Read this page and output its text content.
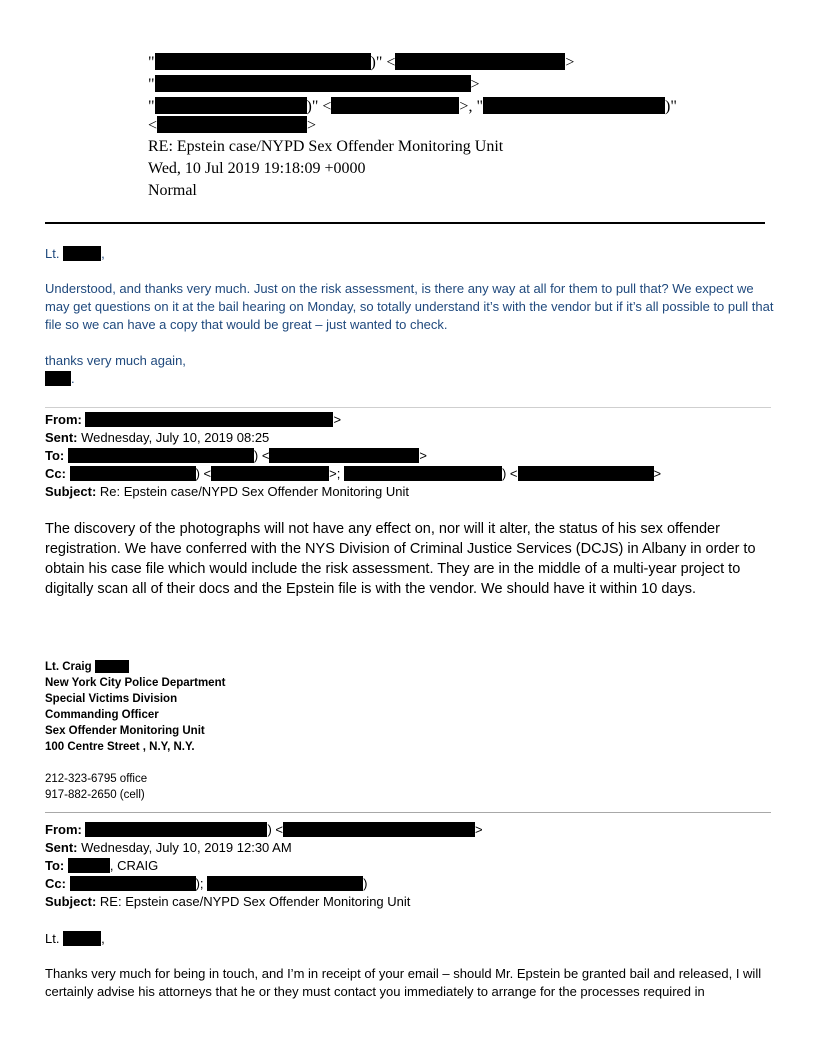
"	)" <	>
"	>
"	)" <	>, "	)"
<	>
RE: Epstein case/NYPD Sex Offender Monitoring Unit
Wed, 10 Jul 2019 19:18:09 +0000
Normal
Lt.	,
Understood, and thanks very much. Just on the risk assessment, is there any way at all for them to pull that? We expect we may get questions on it at the bail hearing on Monday, so totally understand it’s with the vendor but if it’s all possible to pull that file so we can have a copy that would be great – just wanted to check.
thanks very much again,
.
From:	>
Sent: Wednesday, July 10, 2019 08:25
To:	) <	>
Cc:	) <	>;	) <	>
Subject: Re: Epstein case/NYPD Sex Offender Monitoring Unit
The discovery of the photographs will not have any effect on, nor will it alter, the status of his sex offender registration. We have conferred with the NYS Division of Criminal Justice Services (DCJS) in Albany in order to obtain his case file which would include the risk assessment. They are in the middle of a multi-year project to digitally scan all of their docs and the Epstein file is with the vendor. We should have it within 10 days.
Lt. Craig
New York City Police Department
Special Victims Division
Commanding Officer
Sex Offender Monitoring Unit
100 Centre Street , N.Y, N.Y.
212-323-6795 office
917-882-2650 (cell)
From:	) <	>
Sent: Wednesday, July 10, 2019 12:30 AM
To:	, CRAIG
Cc:	);	)
Subject: RE: Epstein case/NYPD Sex Offender Monitoring Unit
Lt.	,
Thanks very much for being in touch, and I’m in receipt of your email – should Mr. Epstein be granted bail and released, I will certainly advise his attorneys that he or they must contact you immediately to arrange for the processes required in
